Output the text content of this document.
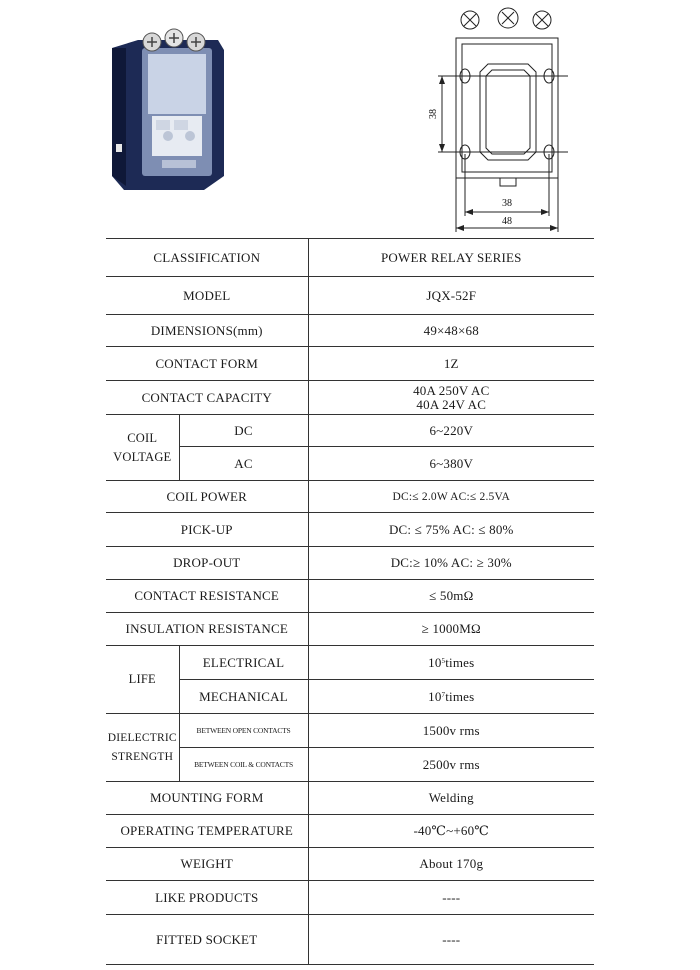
38
38
48
CLASSIFICATION		POWER RELAY SERIES
MODEL		JQX-52F
DIMENSIONS(mm)		49×48×68
CONTACT FORM		1Z
CONTACT CAPACITY		40A 250V AC
40A 24V AC

COIL
VOLTAGE	DC	6~220V
	AC	6~380V
COIL POWER		DC:≤ 2.0W AC:≤ 2.5VA
PICK-UP		DC: ≤ 75% AC: ≤ 80%
DROP-OUT		DC:≥ 10% AC: ≥ 30%
CONTACT RESISTANCE		≤ 50mΩ
INSULATION RESISTANCE		≥ 1000MΩ
LIFE	ELECTRICAL	$10^5times$
	MECHANICAL	$10^7times$

DIELECTRIC
STRENGTH	BETWEEN OPEN CONTACTS	1500v rms
	BETWEEN COIL & CONTACTS	2500v rms
MOUNTING FORM		Welding
OPERATING TEMPERATURE		-40℃~+60℃
WEIGHT		About 170g
LIKE PRODUCTS		----
FITTED SOCKET		----
